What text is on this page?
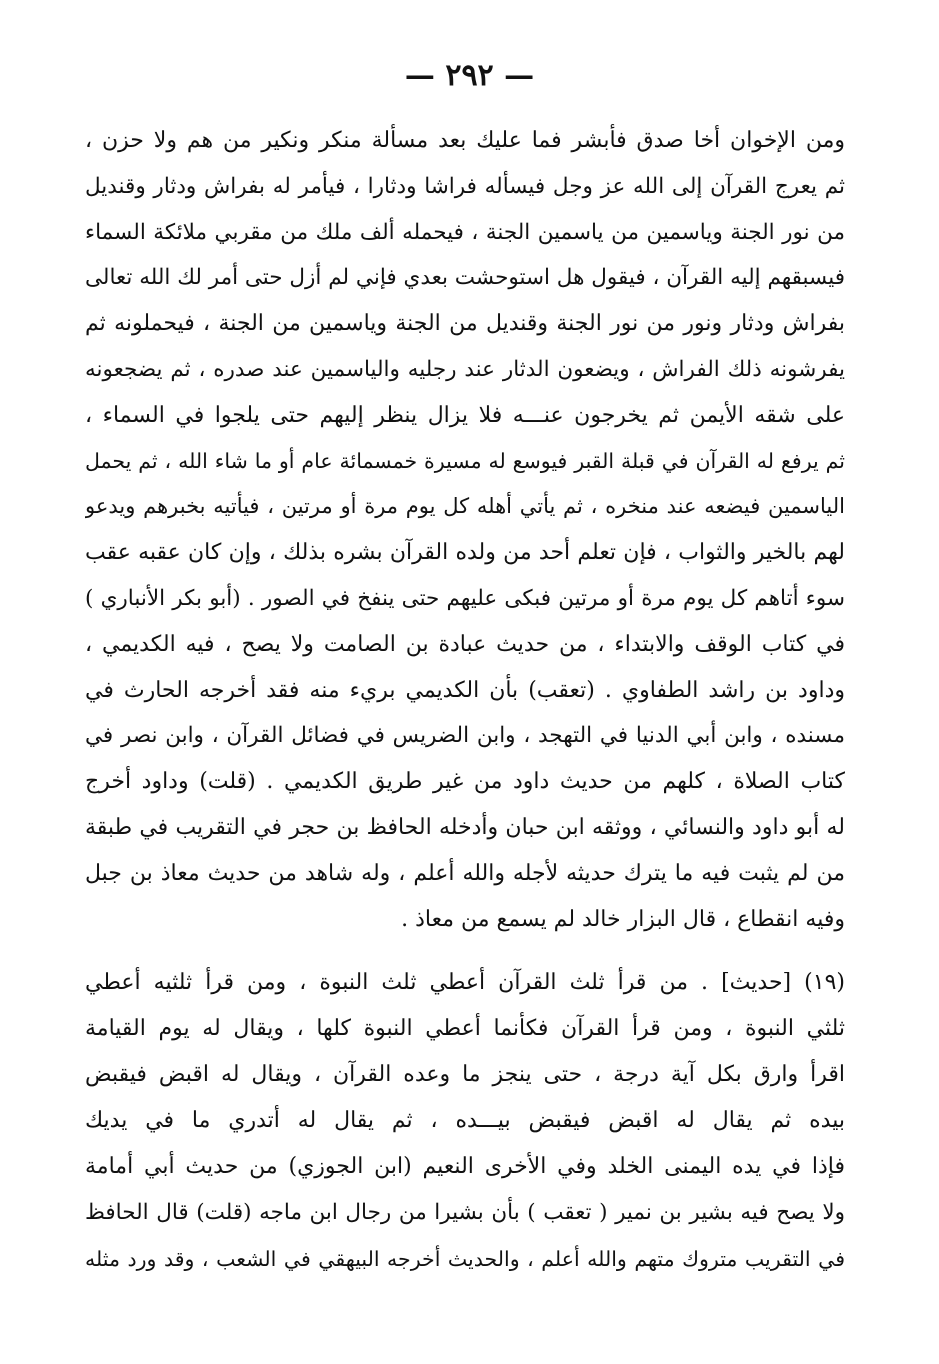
— ٢٩٢ —
ومن الإخوان أخا صدق فأبشر فما عليك بعد مسألة منكر ونكير من هم ولا حزن ،
ثم يعرج القرآن إلى الله عز وجل فيسأله فراشا ودثارا ، فيأمر له بفراش ودثار وقنديل
من نور الجنة وياسمين من ياسمين الجنة ، فيحمله ألف ملك من مقربي ملائكة السماء
فيسبقهم إليه القرآن ، فيقول هل استوحشت بعدي فإني لم أزل حتى أمر لك الله تعالى
بفراش ودثار ونور من نور الجنة وقنديل من الجنة وياسمين من الجنة ، فيحملونه ثم
يفرشونه ذلك الفراش ، ويضعون الدثار عند رجليه والياسمين عند صدره ، ثم يضجعونه
على شقه الأيمن ثم يخرجون عنـــه فلا يزال ينظر إليهم حتى يلجوا في السماء ،
ثم يرفع له القرآن في قبلة القبر فيوسع له مسيرة خمسمائة عام أو ما شاء الله ، ثم يحمل
الياسمين فيضعه عند منخره ، ثم يأتي أهله كل يوم مرة أو مرتين ، فيأتيه بخبرهم ويدعو
لهم بالخير والثواب ، فإن تعلم أحد من ولده القرآن بشره بذلك ، وإن كان عقبه عقب
سوء أتاهم كل يوم مرة أو مرتين فبكى عليهم حتى ينفخ في الصور . (أبو بكر الأنباري )
في كتاب الوقف والابتداء ، من حديث عبادة بن الصامت ولا يصح ، فيه الكديمي ،
وداود بن راشد الطفاوي . (تعقب) بأن الكديمي بريء منه فقد أخرجه الحارث في
مسنده ، وابن أبي الدنيا في التهجد ، وابن الضريس في فضائل القرآن ، وابن نصر في
كتاب الصلاة ، كلهم من حديث داود من غير طريق الكديمي . (قلت) وداود أخرج
له أبو داود والنسائي ، ووثقه ابن حبان وأدخله الحافظ بن حجر في التقريب في طبقة
من لم يثبت فيه ما يترك حديثه لأجله والله أعلم ، وله شاهد من حديث معاذ بن جبل
وفيه انقطاع ، قال البزار خالد لم يسمع من معاذ .
(١٩) [حديث] . من قرأ ثلث القرآن أعطي ثلث النبوة ، ومن قرأ ثلثيه أعطي
ثلثي النبوة ، ومن قرأ القرآن فكأنما أعطي النبوة كلها ، ويقال له يوم القيامة
اقرأ وارق بكل آية درجة ، حتى ينجز ما وعده القرآن ، ويقال له اقبض فيقبض
بيده ثم يقال له اقبض فيقبض بيـــده ، ثم يقال له أتدري ما في يديك
فإذا في يده اليمنى الخلد وفي الأخرى النعيم (ابن الجوزي) من حديث أبي أمامة
ولا يصح فيه بشير بن نمير ( تعقب ) بأن بشيرا من رجال ابن ماجه (قلت) قال الحافظ
في التقريب متروك متهم والله أعلم ، والحديث أخرجه البيهقي في الشعب ، وقد ورد مثله
